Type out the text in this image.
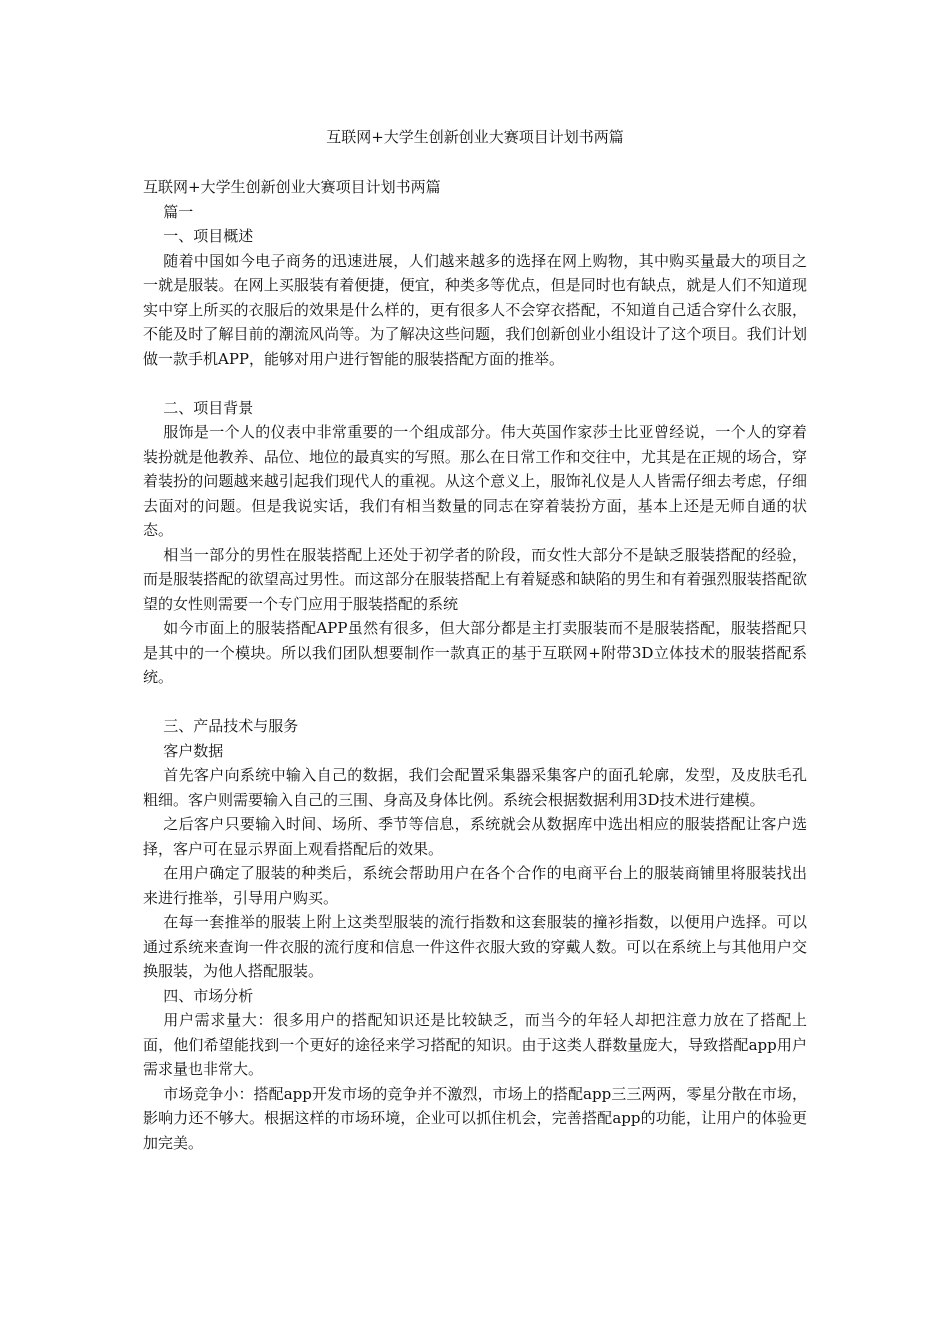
互联网+大学生创新创业大赛项目计划书两篇

互联网+大学生创新创业大赛项目计划书两篇

篇一

一、项目概述

随着中国如今电子商务的迅速进展，人们越来越多的选择在网上购物，其中购买量最大的项目之一就是服装。在网上买服装有着便捷，便宜，种类多等优点，但是同时也有缺点，就是人们不知道现实中穿上所买的衣服后的效果是什么样的，更有很多人不会穿衣搭配，不知道自己适合穿什么衣服，不能及时了解目前的潮流风尚等。为了解决这些问题，我们创新创业小组设计了这个项目。我们计划做一款手机APP，能够对用户进行智能的服装搭配方面的推举。

二、项目背景

服饰是一个人的仪表中非常重要的一个组成部分。伟大英国作家莎士比亚曾经说，一个人的穿着装扮就是他教养、品位、地位的最真实的写照。那么在日常工作和交往中，尤其是在正规的场合，穿着装扮的问题越来越引起我们现代人的重视。从这个意义上，服饰礼仪是人人皆需仔细去考虑，仔细去面对的问题。但是我说实话，我们有相当数量的同志在穿着装扮方面，基本上还是无师自通的状态。

相当一部分的男性在服装搭配上还处于初学者的阶段，而女性大部分不是缺乏服装搭配的经验，而是服装搭配的欲望高过男性。而这部分在服装搭配上有着疑惑和缺陷的男生和有着强烈服装搭配欲望的女性则需要一个专门应用于服装搭配的系统

如今市面上的服装搭配APP虽然有很多，但大部分都是主打卖服装而不是服装搭配，服装搭配只是其中的一个模块。所以我们团队想要制作一款真正的基于互联网+附带3D立体技术的服装搭配系统。

三、产品技术与服务

客户数据

首先客户向系统中输入自己的数据，我们会配置采集器采集客户的面孔轮廓，发型，及皮肤毛孔粗细。客户则需要输入自己的三围、身高及身体比例。系统会根据数据利用3D技术进行建模。

之后客户只要输入时间、场所、季节等信息，系统就会从数据库中选出相应的服装搭配让客户选择，客户可在显示界面上观看搭配后的效果。

在用户确定了服装的种类后，系统会帮助用户在各个合作的电商平台上的服装商铺里将服装找出来进行推举，引导用户购买。

在每一套推举的服装上附上这类型服装的流行指数和这套服装的撞衫指数，以便用户选择。可以通过系统来查询一件衣服的流行度和信息一件这件衣服大致的穿戴人数。可以在系统上与其他用户交换服装，为他人搭配服装。

四、市场分析

用户需求量大：很多用户的搭配知识还是比较缺乏，而当今的年轻人却把注意力放在了搭配上面，他们希望能找到一个更好的途径来学习搭配的知识。由于这类人群数量庞大，导致搭配app用户需求量也非常大。

市场竞争小：搭配app开发市场的竞争并不激烈，市场上的搭配app三三两两，零星分散在市场，影响力还不够大。根据这样的市场环境，企业可以抓住机会，完善搭配app的功能，让用户的体验更加完美。
